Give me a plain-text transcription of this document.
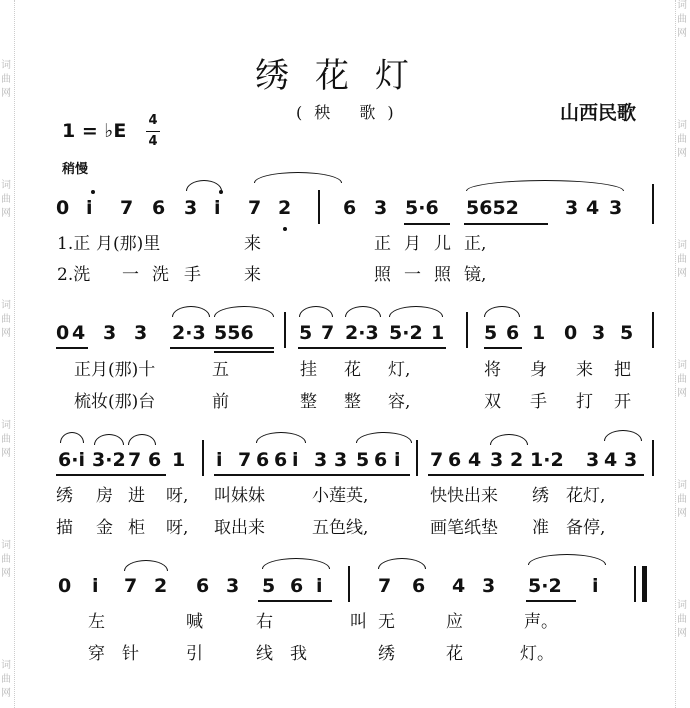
词
曲
网
词
曲
网
词
曲
网
词
曲
网
词
曲
网
词
曲
网
词
曲
网
词
曲
网
词
曲
网
词
曲
网
词
曲
网
词
曲
网
绣花灯
(秧 歌)	山西民歌
1 = ♭E	4
4
稍慢
0 i 7 6 3 i 7 2	6 3 5·6 5652 3 4 3
1.正 月(那)里	来	正 月 儿 正,
2.洗 一 洗 手	来	照 一 照 镜,
0 4 3 3 2·3 556 5 7 2·3 5·2 1 5 6 1 0 3 5
正月(那)十	五	挂 花 灯,	将 身 来 把
梳妆(那)台	前	整 整 容,	双 手 打 开
6·i 3·2 7 6 1 i 7 6 6 i 3 3 5 6 i 7 6 4 3 2 1·2 3 4 3
绣 房 进 呀, 叫妹妹	小莲英,	快快出来 绣 花灯,
描 金 柜 呀, 取出来	五色线,	画笔纸垫 准 备停,
0 i 7 2 6 3 5 6 i	7 6 4 3 5·2 i
左	喊	右	叫 无	应	声。
穿 针	引	线 我	绣	花	灯。
